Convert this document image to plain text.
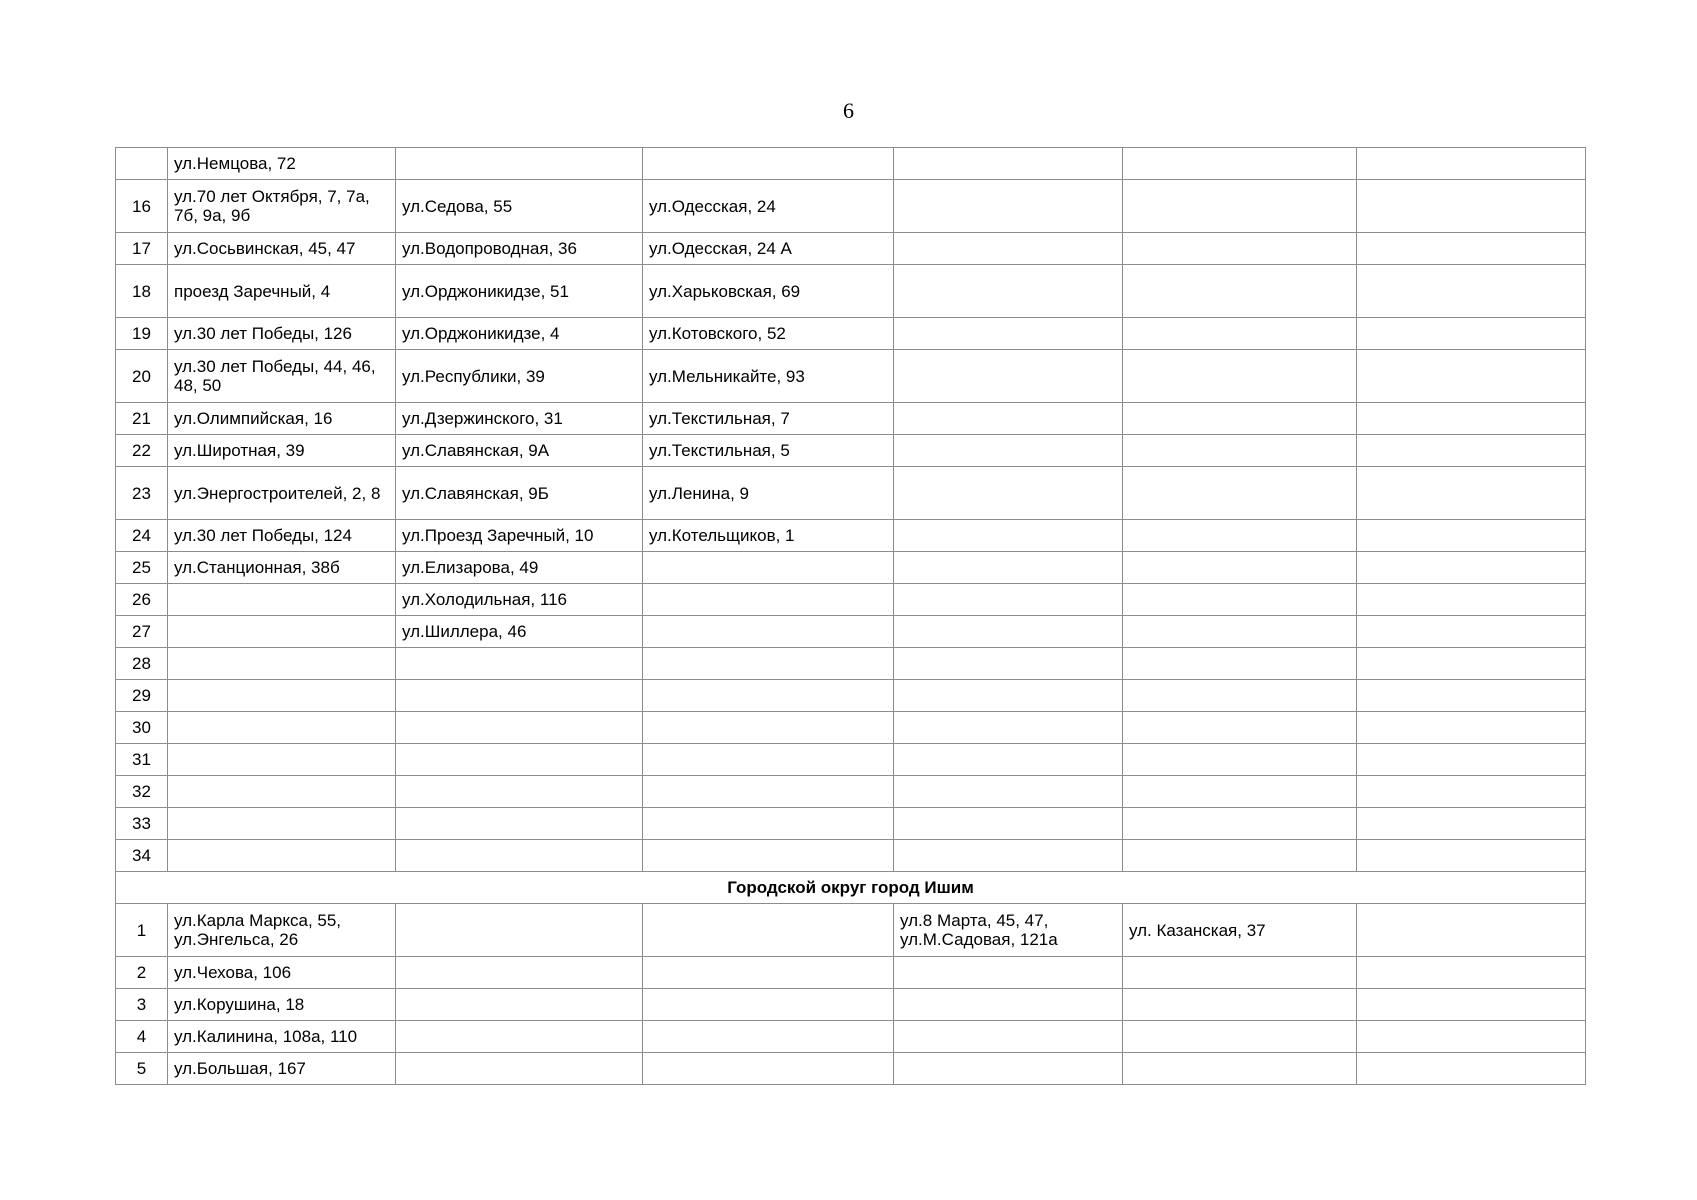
6
	ул.Немцова, 72					
16	ул.70 лет Октября, 7, 7а, 7б, 9а, 9б	ул.Седова, 55	ул.Одесская, 24			
17	ул.Сосьвинская, 45, 47	ул.Водопроводная, 36	ул.Одесская, 24 А			
18	проезд Заречный, 4	ул.Орджоникидзе, 51	ул.Харьковская, 69			
19	ул.30 лет Победы, 126	ул.Орджоникидзе, 4	ул.Котовского, 52			
20	ул.30 лет Победы, 44, 46, 48, 50	ул.Республики, 39	ул.Мельникайте, 93			
21	ул.Олимпийская, 16	ул.Дзержинского, 31	ул.Текстильная, 7			
22	ул.Широтная, 39	ул.Славянская, 9А	ул.Текстильная, 5			
23	ул.Энергостроителей, 2, 8	ул.Славянская, 9Б	ул.Ленина, 9			
24	ул.30 лет Победы, 124	ул.Проезд Заречный, 10	ул.Котельщиков, 1			
25	ул.Станционная, 38б	ул.Елизарова, 49				
26		ул.Холодильная, 116				
27		ул.Шиллера, 46				
28						
29						
30						
31						
32						
33						
34						
Городской округ город Ишим						
1	ул.Карла Маркса, 55, ул.Энгельса, 26			ул.8 Марта, 45, 47, ул.М.Садовая, 121а	ул. Казанская, 37	
2	ул.Чехова, 106					
3	ул.Корушина, 18					
4	ул.Калинина, 108а, 110					
5	ул.Большая, 167					
